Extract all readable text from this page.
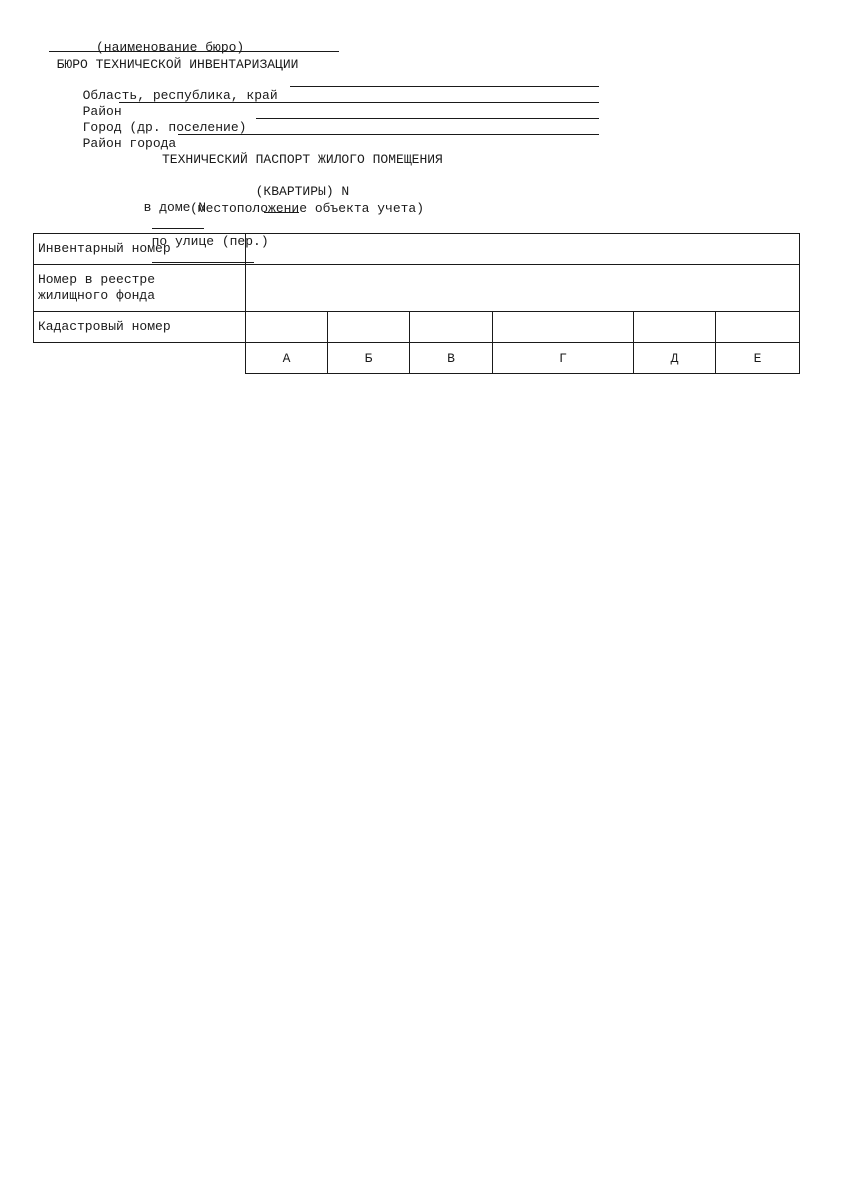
БЮРО ТЕХНИЧЕСКОЙ ИНВЕНТАРИЗАЦИИ

(наименование бюро)

Область, республика, край

Район

Город (др. поселение)

Район города

ТЕХНИЧЕСКИЙ ПАСПОРТ ЖИЛОГО ПОМЕЩЕНИЯ

(КВАРТИРЫ) N

в доме N

по улице (пер.)

(местоположение объекта учета)
Инвентарный номер						

Номер в реестре
жилищного фонда						

Кадастровый номер						
	А	Б	В	Г	Д	Е
